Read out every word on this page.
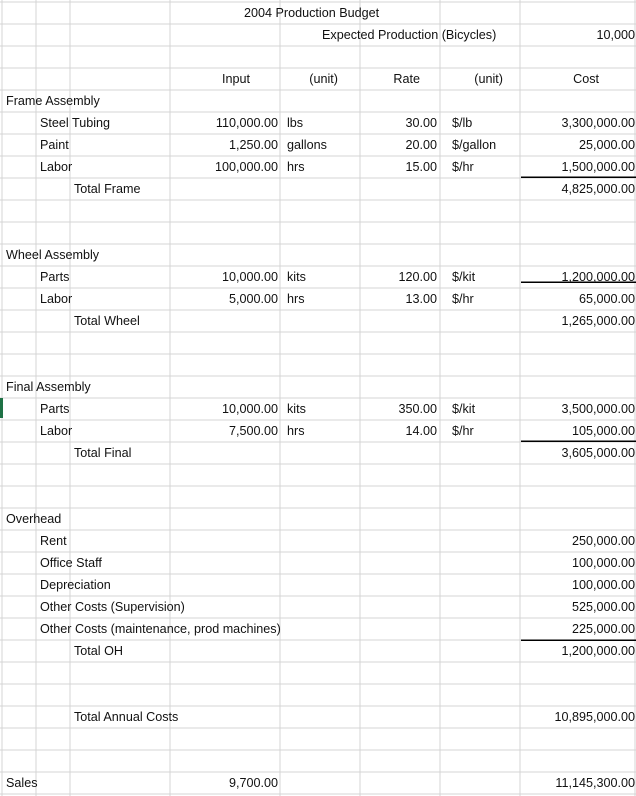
2004 Production Budget
Expected Production (Bicycles)	10,000
Input	(unit)	Rate	(unit)	Cost
Frame Assembly
Steel Tubing	110,000.00 lbs	30.00 $/lb	3,300,000.00
Paint	1,250.00 gallons	20.00 $/gallon	25,000.00
Labor	100,000.00 hrs	15.00 $/hr	1,500,000.00
Total Frame	4,825,000.00
Wheel Assembly
Parts	10,000.00 kits	120.00 $/kit	1,200,000.00
Labor	5,000.00 hrs	13.00 $/hr	65,000.00
Total Wheel	1,265,000.00
Final Assembly
Parts	10,000.00 kits	350.00 $/kit	3,500,000.00
Labor	7,500.00 hrs	14.00 $/hr	105,000.00
Total Final	3,605,000.00
Overhead
Rent	250,000.00
Office Staff	100,000.00
Depreciation	100,000.00
Other Costs (Supervision)	525,000.00
Other Costs (maintenance, prod machines)	225,000.00
Total OH	1,200,000.00
Total Annual Costs	10,895,000.00
Sales	9,700.00	11,145,300.00
